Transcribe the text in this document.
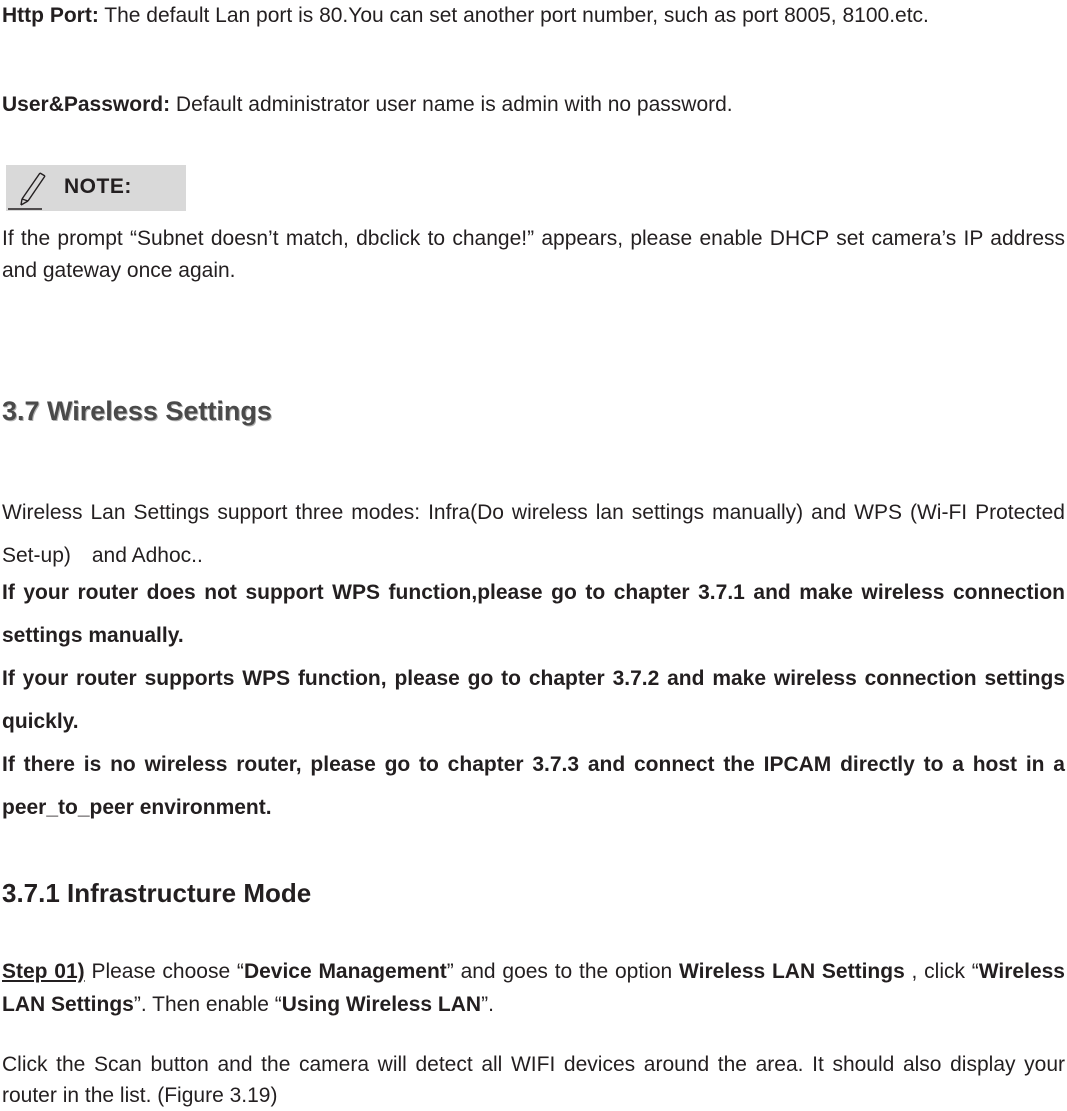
Http Port: The default Lan port is 80.You can set another port number, such as port 8005, 8100.etc.

User&Password: Default administrator user name is admin with no password.

NOTE:

If the prompt “Subnet doesn’t match, dbclick to change!” appears, please enable DHCP set camera’s IP address and gateway once again.

3.7 Wireless Settings

Wireless Lan Settings support three modes: Infra(Do wireless lan settings manually) and WPS (Wi-FI Protected Set-up)　and Adhoc..

If your router does not support WPS function,please go to chapter 3.7.1 and make wireless connection settings manually.

If your router supports WPS function, please go to chapter 3.7.2 and make wireless connection settings quickly.

If there is no wireless router, please go to chapter 3.7.3 and connect the IPCAM directly to a host in a peer_to_peer environment.

3.7.1 Infrastructure Mode

Step 01) Please choose “Device Management” and goes to the option Wireless LAN Settings , click “Wireless LAN Settings”. Then enable “Using Wireless LAN”.

Click the Scan button and the camera will detect all WIFI devices around the area. It should also display your router in the list. (Figure 3.19)
